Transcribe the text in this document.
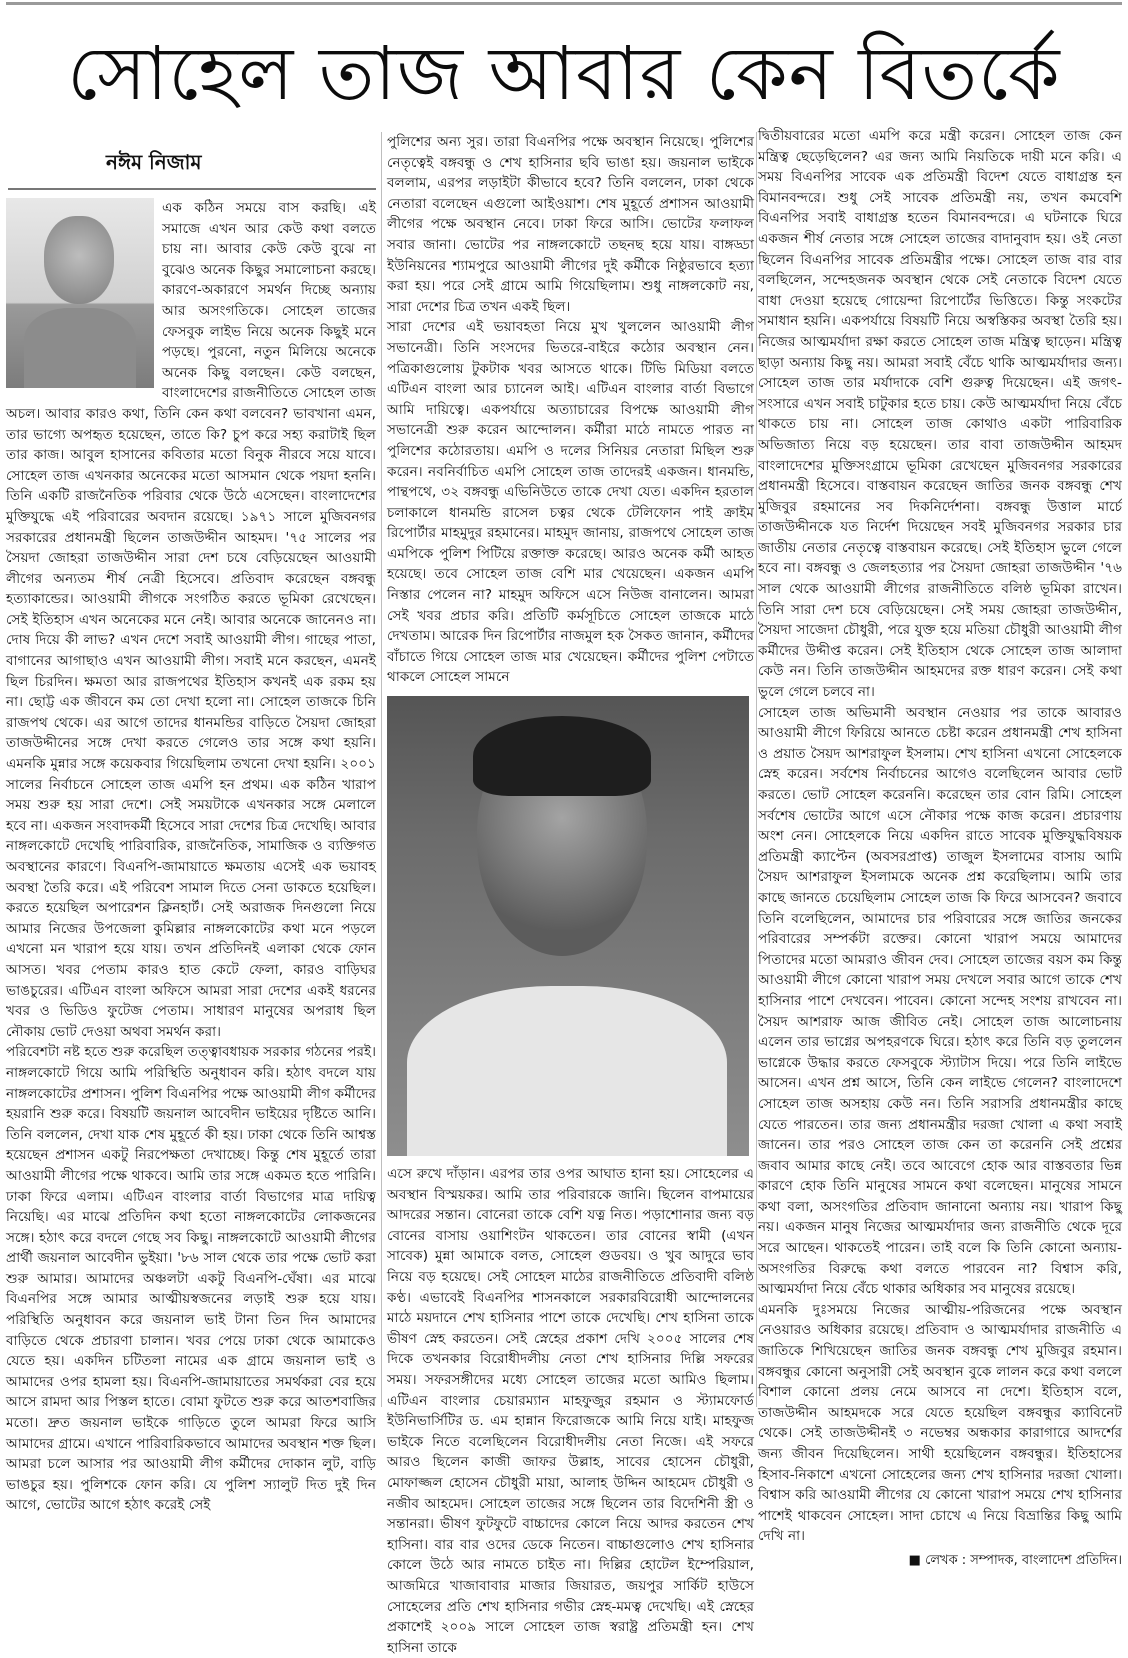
সোহেল তাজ আবার কেন বিতর্কে
নঈম নিজাম

এক কঠিন সময়ে বাস করছি। এই সমাজে এখন আর কেউ কথা বলতে চায় না। আবার কেউ কেউ বুঝে না বুঝেও অনেক কিছুর সমালোচনা করছে। কারণে-অকারণে সমর্থন দিচ্ছে অন্যায় আর অসংগতিকে। সোহেল তাজের ফেসবুক লাইভ নিয়ে অনেক কিছুই মনে পড়ছে। পুরনো, নতুন মিলিয়ে অনেকে অনেক কিছু বলছেন। কেউ বলছেন, বাংলাদেশের রাজনীতিতে সোহেল তাজ অচল। আবার কারও কথা, তিনি কেন কথা বলবেন? ভাবখানা এমন, তার ভাগ্যে অপহৃত হয়েছেন, তাতে কি? চুপ করে সহ্য করাটাই ছিল তার কাজ। আবুল হাসানের কবিতার মতো বিনুক নীরবে সয়ে যাবে। সোহেল তাজ এখনকার অনেকের মতো আসমান থেকে পয়দা হননি। তিনি একটি রাজনৈতিক পরিবার থেকে উঠে এসেছেন। বাংলাদেশের মুক্তিযুদ্ধে এই পরিবারের অবদান রয়েছে। ১৯৭১ সালে মুজিবনগর সরকারের প্রধানমন্ত্রী ছিলেন তাজউদ্দীন আহমদ। '৭৫ সালের পর সৈয়দা জোহরা তাজউদ্দীন সারা দেশ চষে বেড়িয়েছেন আওয়ামী লীগের অন্যতম শীর্ষ নেত্রী হিসেবে। প্রতিবাদ করেছেন বঙ্গবন্ধু হত্যাকান্ডের। আওয়ামী লীগকে সংগঠিত করতে ভূমিকা রেখেছেন। সেই ইতিহাস এখন অনেকের মনে নেই। আবার অনেকে জানেনও না। দোষ দিয়ে কী লাভ? এখন দেশে সবাই আওয়ামী লীগ। গাছের পাতা, বাগানের আগাছাও এখন আওয়ামী লীগ। সবাই মনে করছেন, এমনই ছিল চিরদিন। ক্ষমতা আর রাজপথের ইতিহাস কখনই এক রকম হয় না। ছোট্ট এক জীবনে কম তো দেখা হলো না। সোহেল তাজকে চিনি রাজপথ থেকে। এর আগে তাদের ধানমন্ডির বাড়িতে সৈয়দা জোহরা তাজউদ্দীনের সঙ্গে দেখা করতে গেলেও তার সঙ্গে কথা হয়নি। এমনকি মুন্নার সঙ্গে কয়েকবার গিয়েছিলাম তখনো দেখা হয়নি। ২০০১ সালের নির্বাচনে সোহেল তাজ এমপি হন প্রথম। এক কঠিন খারাপ সময় শুরু হয় সারা দেশে। সেই সময়টাকে এখনকার সঙ্গে মেলালে হবে না। একজন সংবাদকর্মী হিসেবে সারা দেশের চিত্র দেখেছি। আবার নাঙ্গলকোটে দেখেছি পারিবারিক, রাজনৈতিক, সামাজিক ও ব্যক্তিগত অবস্থানের কারণে। বিএনপি-জামায়াতে ক্ষমতায় এসেই এক ভয়াবহ অবস্থা তৈরি করে। এই পরিবেশ সামাল দিতে সেনা ডাকতে হয়েছিল। করতে হয়েছিল অপারেশন ক্লিনহার্ট। সেই অরাজক দিনগুলো নিয়ে আমার নিজের উপজেলা কুমিল্লার নাঙ্গলকোটের কথা মনে পড়লে এখনো মন খারাপ হয়ে যায়। তখন প্রতিদিনই এলাকা থেকে ফোন আসত। খবর পেতাম কারও হাত কেটে ফেলা, কারও বাড়িঘর ভাঙচুরের। এটিএন বাংলা অফিসে আমরা সারা দেশের একই ধরনের খবর ও ভিডিও ফুটেজ পেতাম। সাধারণ মানুষের অপরাধ ছিল নৌকায় ভোট দেওয়া অথবা সমর্থন করা।

পরিবেশটা নষ্ট হতে শুরু করেছিল তত্ত্বাবধায়ক সরকার গঠনের পরই। নাঙ্গলকোটে গিয়ে আমি পরিস্থিতি অনুধাবন করি। হঠাৎ বদলে যায় নাঙ্গলকোটের প্রশাসন। পুলিশ বিএনপির পক্ষে আওয়ামী লীগ কর্মীদের হয়রানি শুরু করে। বিষয়টি জয়নাল আবেদীন ভাইয়ের দৃষ্টিতে আনি। তিনি বললেন, দেখা যাক শেষ মুহূর্তে কী হয়। ঢাকা থেকে তিনি আশ্বস্ত হয়েছেন প্রশাসন একটু নিরপেক্ষতা দেখাচ্ছে। কিন্তু শেষ মুহূর্তে তারা আওয়ামী লীগের পক্ষে থাকবে। আমি তার সঙ্গে একমত হতে পারিনি। ঢাকা ফিরে এলাম। এটিএন বাংলার বার্তা বিভাগের মাত্র দায়িত্ব নিয়েছি। এর মাঝে প্রতিদিন কথা হতো নাঙ্গলকোটের লোকজনের সঙ্গে। হঠাৎ করে বদলে গেছে সব কিছু। নাঙ্গলকোটে আওয়ামী লীগের প্রার্থী জয়নাল আবেদীন ভুইয়া। '৮৬ সাল থেকে তার পক্ষে ভোট করা শুরু আমার। আমাদের অঞ্চলটা একটু বিএনপি-ঘেঁষা। এর মাঝে বিএনপির সঙ্গে আমার আত্মীয়স্বজনের লড়াই শুরু হয়ে যায়। পরিস্থিতি অনুধাবন করে জয়নাল ভাই টানা তিন দিন আমাদের বাড়িতে থেকে প্রচারণা চালান। খবর পেয়ে ঢাকা থেকে আমাকেও যেতে হয়। একদিন চটিতলা নামের এক গ্রামে জয়নাল ভাই ও আমাদের ওপর হামলা হয়। বিএনপি-জামায়াতের সমর্থকরা বের হয়ে আসে রামদা আর পিস্তল হাতে। বোমা ফুটতে শুরু করে আতশবাজির মতো। দ্রুত জয়নাল ভাইকে গাড়িতে তুলে আমরা ফিরে আসি আমাদের গ্রামে। এখানে পারিবারিকভাবে আমাদের অবস্থান শক্ত ছিল। আমরা চলে আসার পর আওয়ামী লীগ কর্মীদের দোকান লুট, বাড়ি ভাঙচুর হয়। পুলিশকে ফোন করি। যে পুলিশ স্যালুট দিত দুই দিন আগে, ভোটের আগে হঠাৎ করেই সেই

পুলিশের অন্য সুর। তারা বিএনপির পক্ষে অবস্থান নিয়েছে। পুলিশের নেতৃত্বেই বঙ্গবন্ধু ও শেখ হাসিনার ছবি ভাঙা হয়। জয়নাল ভাইকে বললাম, এরপর লড়াইটা কীভাবে হবে? তিনি বললেন, ঢাকা থেকে নেতারা বলেছেন এগুলো আইওয়াশ। শেষ মুহূর্তে প্রশাসন আওয়ামী লীগের পক্ষে অবস্থান নেবে। ঢাকা ফিরে আসি। ভোটের ফলাফল সবার জানা। ভোটের পর নাঙ্গলকোটে তছনছ হয়ে যায়। বাঙ্গড্ডা ইউনিয়নের শ্যামপুরে আওয়ামী লীগের দুই কর্মীকে নিষ্ঠুরভাবে হত্যা করা হয়। পরে সেই গ্রামে আমি গিয়েছিলাম। শুধু নাঙ্গলকোট নয়, সারা দেশের চিত্র তখন একই ছিল।

সারা দেশের এই ভয়াবহতা নিয়ে মুখ খুললেন আওয়ামী লীগ সভানেত্রী। তিনি সংসদের ভিতরে-বাইরে কঠোর অবস্থান নেন। পত্রিকাগুলোয় টুকটাক খবর আসতে থাকে। টিভি মিডিয়া বলতে এটিএন বাংলা আর চ্যানেল আই। এটিএন বাংলার বার্তা বিভাগে আমি দায়িত্বে। একপর্যায়ে অত্যাচারের বিপক্ষে আওয়ামী লীগ সভানেত্রী শুরু করেন আন্দোলন। কর্মীরা মাঠে নামতে পারত না পুলিশের কঠোরতায়। এমপি ও দলের সিনিয়র নেতারা মিছিল শুরু করেন। নবনির্বাচিত এমপি সোহেল তাজ তাদেরই একজন। ধানমন্ডি, পান্থপথে, ৩২ বঙ্গবন্ধু এভিনিউতে তাকে দেখা যেত। একদিন হরতাল চলাকালে ধানমন্ডি রাসেল চত্বর থেকে টেলিফোন পাই ক্রাইম রিপোর্টার মাহমুদুর রহমানের। মাহমুদ জানায়, রাজপথে সোহেল তাজ এমপিকে পুলিশ পিটিয়ে রক্তাক্ত করেছে। আরও অনেক কর্মী আহত হয়েছে। তবে সোহেল তাজ বেশি মার খেয়েছেন। একজন এমপি নিস্তার পেলেন না? মাহমুদ অফিসে এসে নিউজ বানালেন। আমরা সেই খবর প্রচার করি। প্রতিটি কর্মসূচিতে সোহেল তাজকে মাঠে দেখতাম। আরেক দিন রিপোর্টার নাজমুল হক সৈকত জানান, কর্মীদের বাঁচাতে গিয়ে সোহেল তাজ মার খেয়েছেন। কর্মীদের পুলিশ পেটাতে থাকলে সোহেল সামনে

এসে রুখে দাঁড়ান। এরপর তার ওপর আঘাত হানা হয়। সোহেলের এ অবস্থান বিস্ময়কর। আমি তার পরিবারকে জানি। ছিলেন বাপমায়ের আদরের সন্তান। বোনেরা তাকে বেশি যত্ন নিত। পড়াশোনার জন্য বড় বোনের বাসায় ওয়াশিংটন থাকতেন। তার বোনের স্বামী (এখন সাবেক) মুন্না আমাকে বলত, সোহেল গুডবয়। ও খুব আদুরে ভাব নিয়ে বড় হয়েছে। সেই সোহেল মাঠের রাজনীতিতে প্রতিবাদী বলিষ্ঠ কণ্ঠ। এভাবেই বিএনপির শাসনকালে সরকারবিরোধী আন্দোলনের মাঠে ময়দানে শেখ হাসিনার পাশে তাকে দেখেছি। শেখ হাসিনা তাকে ভীষণ স্নেহ করতেন। সেই স্নেহের প্রকাশ দেখি ২০০৫ সালের শেষ দিকে তখনকার বিরোধীদলীয় নেতা শেখ হাসিনার দিল্লি সফরের সময়। সফরসঙ্গীদের মধ্যে সোহেল তাজের মতো আমিও ছিলাম। এটিএন বাংলার চেয়ারম্যান মাহফুজুর রহমান ও স্ট্যামফোর্ড ইউনিভার্সিটির ড. এম হান্নান ফিরোজকে আমি নিয়ে যাই। মাহফুজ ভাইকে নিতে বলেছিলেন বিরোধীদলীয় নেতা নিজে। এই সফরে আরও ছিলেন কাজী জাফর উল্লাহ, সাবের হোসেন চৌধুরী, মোফাজ্জল হোসেন চৌধুরী মায়া, আলাহ উদ্দিন আহমেদ চৌধুরী ও নজীব আহমেদ। সোহেল তাজের সঙ্গে ছিলেন তার বিদেশিনী স্ত্রী ও সন্তানরা। ভীষণ ফুটফুটে বাচ্চাদের কোলে নিয়ে আদর করতেন শেখ হাসিনা। বার বার ওদের ডেকে নিতেন। বাচ্চাগুলোও শেখ হাসিনার কোলে উঠে আর নামতে চাইত না। দিল্লির হোটেল ইম্পেরিয়াল, আজমিরে খাজাবাবার মাজার জিয়ারত, জয়পুর সার্কিট হাউসে সোহেলের প্রতি শেখ হাসিনার গভীর স্নেহ-মমত্ব দেখেছি। এই স্নেহের প্রকাশেই ২০০৯ সালে সোহেল তাজ স্বরাষ্ট্র প্রতিমন্ত্রী হন। শেখ হাসিনা তাকে

দ্বিতীয়বারের মতো এমপি করে মন্ত্রী করেন। সোহেল তাজ কেন মন্ত্রিত্ব ছেড়েছিলেন? এর জন্য আমি নিয়তিকে দায়ী মনে করি। এ সময় বিএনপির সাবেক এক প্রতিমন্ত্রী বিদেশ যেতে বাধাগ্রস্ত হন বিমানবন্দরে। শুধু সেই সাবেক প্রতিমন্ত্রী নয়, তখন কমবেশি বিএনপির সবাই বাধাগ্রস্ত হতেন বিমানবন্দরে। এ ঘটনাকে ঘিরে একজন শীর্ষ নেতার সঙ্গে সোহেল তাজের বাদানুবাদ হয়। ওই নেতা ছিলেন বিএনপির সাবেক প্রতিমন্ত্রীর পক্ষে। সোহেল তাজ বার বার বলছিলেন, সন্দেহজনক অবস্থান থেকে সেই নেতাকে বিদেশ যেতে বাধা দেওয়া হয়েছে গোয়েন্দা রিপোর্টের ভিত্তিতে। কিন্তু সংকটের সমাধান হয়নি। একপর্যায়ে বিষয়টি নিয়ে অস্বস্তিকর অবস্থা তৈরি হয়। নিজের আত্মমর্যাদা রক্ষা করতে সোহেল তাজ মন্ত্রিত্ব ছাড়েন। মন্ত্রিত্ব ছাড়া অন্যায় কিছু নয়। আমরা সবাই বেঁচে থাকি আত্মমর্যাদার জন্য। সোহেল তাজ তার মর্যাদাকে বেশি গুরুত্ব দিয়েছেন। এই জগৎ-সংসারে এখন সবাই চাটুকার হতে চায়। কেউ আত্মমর্যাদা নিয়ে বেঁচে থাকতে চায় না। সোহেল তাজ কোথাও একটা পারিবারিক অভিজাত্য নিয়ে বড় হয়েছেন। তার বাবা তাজউদ্দীন আহমদ বাংলাদেশের মুক্তিসংগ্রামে ভূমিকা রেখেছেন মুজিবনগর সরকারের প্রধানমন্ত্রী হিসেবে। বাস্তবায়ন করেছেন জাতির জনক বঙ্গবন্ধু শেখ মুজিবুর রহমানের সব দিকনির্দেশনা। বঙ্গবন্ধু উত্তাল মার্চে তাজউদ্দীনকে যত নির্দেশ দিয়েছেন সবই মুজিবনগর সরকার চার জাতীয় নেতার নেতৃত্বে বাস্তবায়ন করেছে। সেই ইতিহাস ভুলে গেলে হবে না। বঙ্গবন্ধু ও জেলহত্যার পর সৈয়দা জোহরা তাজউদ্দীন '৭৬ সাল থেকে আওয়ামী লীগের রাজনীতিতে বলিষ্ঠ ভূমিকা রাখেন। তিনি সারা দেশ চষে বেড়িয়েছেন। সেই সময় জোহরা তাজউদ্দীন, সৈয়দা সাজেদা চৌধুরী, পরে যুক্ত হয়ে মতিয়া চৌধুরী আওয়ামী লীগ কর্মীদের উদ্দীপ্ত করেন। সেই ইতিহাস থেকে সোহেল তাজ আলাদা কেউ নন। তিনি তাজউদ্দীন আহমদের রক্ত ধারণ করেন। সেই কথা ভুলে গেলে চলবে না।

সোহেল তাজ অভিমানী অবস্থান নেওয়ার পর তাকে আবারও আওয়ামী লীগে ফিরিয়ে আনতে চেষ্টা করেন প্রধানমন্ত্রী শেখ হাসিনা ও প্রয়াত সৈয়দ আশরাফুল ইসলাম। শেখ হাসিনা এখনো সোহেলকে স্নেহ করেন। সর্বশেষ নির্বাচনের আগেও বলেছিলেন আবার ভোট করতে। ভোট সোহেল করেননি। করেছেন তার বোন রিমি। সোহেল সর্বশেষ ভোটের আগে এসে নৌকার পক্ষে কাজ করেন। প্রচারণায় অংশ নেন। সোহেলকে নিয়ে একদিন রাতে সাবেক মুক্তিযুদ্ধবিষয়ক প্রতিমন্ত্রী ক্যাপ্টেন (অবসরপ্রাপ্ত) তাজুল ইসলামের বাসায় আমি সৈয়দ আশরাফুল ইসলামকে অনেক প্রশ্ন করেছিলাম। আমি তার কাছে জানতে চেয়েছিলাম সোহেল তাজ কি ফিরে আসবেন? জবাবে তিনি বলেছিলেন, আমাদের চার পরিবারের সঙ্গে জাতির জনকের পরিবারের সম্পর্কটা রক্তের। কোনো খারাপ সময়ে আমাদের পিতাদের মতো আমরাও জীবন দেব। সোহেল তাজের বয়স কম কিন্তু আওয়ামী লীগে কোনো খারাপ সময় দেখলে সবার আগে তাকে শেখ হাসিনার পাশে দেখবেন। পাবেন। কোনো সন্দেহ সংশয় রাখবেন না। সৈয়দ আশরাফ আজ জীবিত নেই। সোহেল তাজ আলোচনায় এলেন তার ভাগ্নের অপহরণকে ঘিরে। হঠাৎ করে তিনি বড় তুললেন ভাগ্নেকে উদ্ধার করতে ফেসবুকে স্ট্যাটাস দিয়ে। পরে তিনি লাইভে আসেন। এখন প্রশ্ন আসে, তিনি কেন লাইভে গেলেন? বাংলাদেশে সোহেল তাজ অসহায় কেউ নন। তিনি সরাসরি প্রধানমন্ত্রীর কাছে যেতে পারতেন। তার জন্য প্রধানমন্ত্রীর দরজা খোলা এ কথা সবাই জানেন। তার পরও সোহেল তাজ কেন তা করেননি সেই প্রশ্নের জবাব আমার কাছে নেই। তবে আবেগে হোক আর বাস্তবতার ভিন্ন কারণে হোক তিনি মানুষের সামনে কথা বলেছেন। মানুষের সামনে কথা বলা, অসংগতির প্রতিবাদ জানানো অন্যায় নয়। খারাপ কিছু নয়। একজন মানুষ নিজের আত্মমর্যাদার জন্য রাজনীতি থেকে দূরে সরে আছেন। থাকতেই পারেন। তাই বলে কি তিনি কোনো অন্যায়-অসংগতির বিরুদ্ধে কথা বলতে পারবেন না? বিশ্বাস করি, আত্মমর্যাদা নিয়ে বেঁচে থাকার অধিকার সব মানুষের রয়েছে।

এমনকি দুঃসময়ে নিজের আত্মীয়-পরিজনের পক্ষে অবস্থান নেওয়ারও অধিকার রয়েছে। প্রতিবাদ ও আত্মমর্যাদার রাজনীতি এ জাতিকে শিখিয়েছেন জাতির জনক বঙ্গবন্ধু শেখ মুজিবুর রহমান। বঙ্গবন্ধুর কোনো অনুসারী সেই অবস্থান বুকে লালন করে কথা বললে বিশাল কোনো প্রলয় নেমে আসবে না দেশে। ইতিহাস বলে, তাজউদ্দীন আহমদকে সরে যেতে হয়েছিল বঙ্গবন্ধুর ক্যাবিনেট থেকে। সেই তাজউদ্দীনই ৩ নভেম্বর অন্ধকার কারাগারে আদর্শের জন্য জীবন দিয়েছিলেন। সাথী হয়েছিলেন বঙ্গবন্ধুর। ইতিহাসের হিসাব-নিকাশে এখনো সোহেলের জন্য শেখ হাসিনার দরজা খোলা। বিশ্বাস করি আওয়ামী লীগের যে কোনো খারাপ সময়ে শেখ হাসিনার পাশেই থাকবেন সোহেল। সাদা চোখে এ নিয়ে বিভ্রান্তির কিছু আমি দেখি না।

■ লেখক : সম্পাদক, বাংলাদেশ প্রতিদিন।
